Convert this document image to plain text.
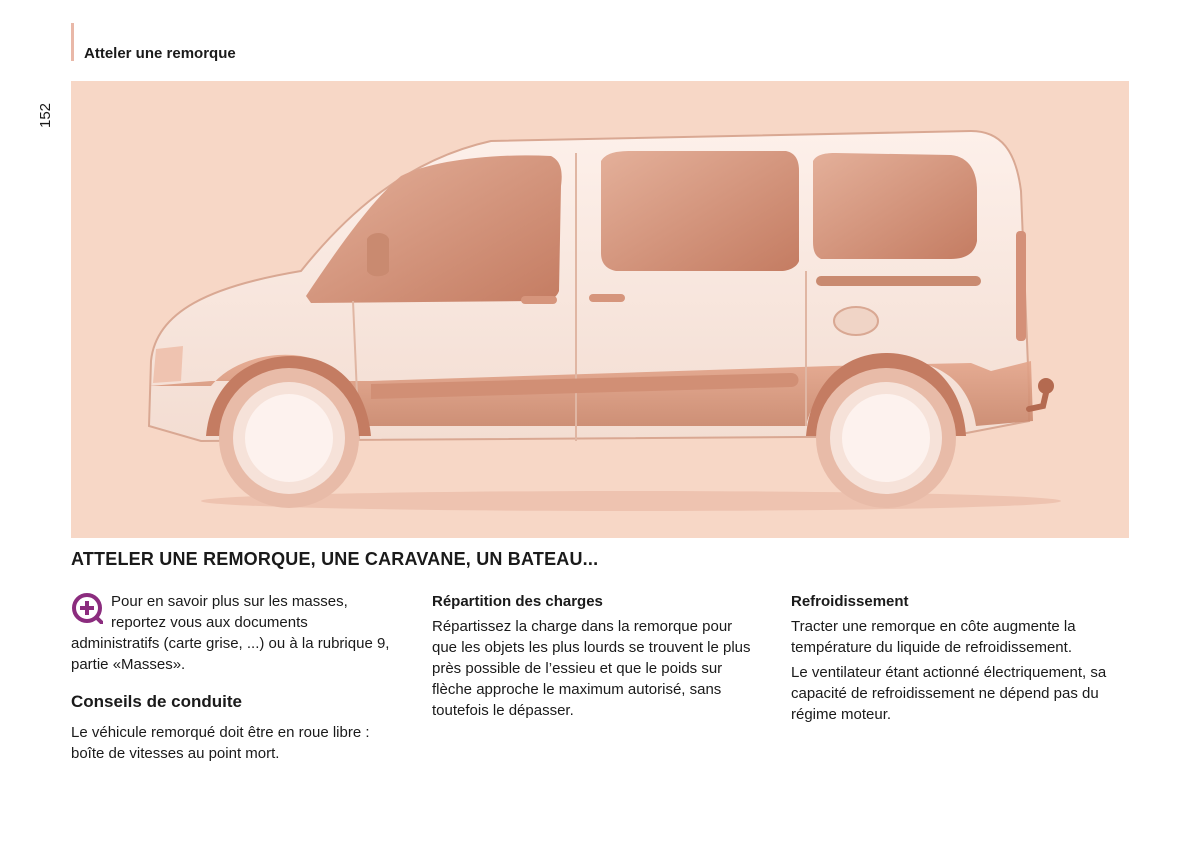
Atteler une remorque
152
ATTELER UNE REMORQUE, UNE CARAVANE, UN BATEAU...

Pour en savoir plus sur les masses, reportez vous aux documents administratifs (carte grise, ...) ou à la rubrique 9, partie «Masses».

Conseils de conduite

Le véhicule remorqué doit être en roue libre : boîte de vitesses au point mort.

Répartition des charges

Répartissez la charge dans la remorque pour que les objets les plus lourds se trouvent le plus près possible de l’essieu et que le poids sur flèche approche le maximum autorisé, sans toutefois le dépasser.

Refroidissement

Tracter une remorque en côte augmente la température du liquide de refroidissement.

Le ventilateur étant actionné électriquement, sa capacité de refroidissement ne dépend pas du régime moteur.
